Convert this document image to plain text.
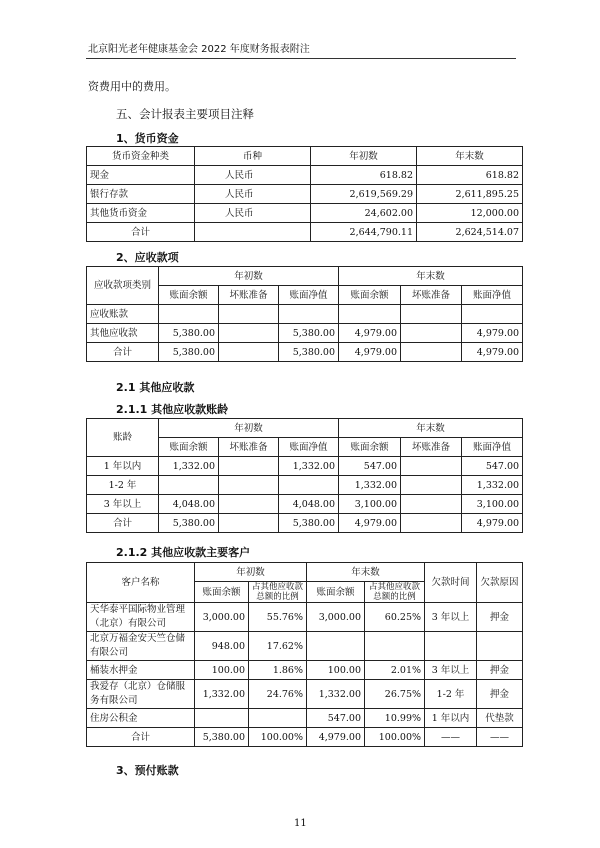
北京阳光老年健康基金会 2022 年度财务报表附注
资费用中的费用。
五、会计报表主要项目注释
1、货币资金
货币资金种类	币种	年初数	年末数
现金	人民币	618.82	618.82
银行存款	人民币	2,619,569.29	2,611,895.25
其他货币资金	人民币	24,602.00	12,000.00
合计		2,644,790.11	2,624,514.07
2、应收款项
应收款项类别	年初数			年末数		
	账面余额	坏账准备	账面净值	账面余额	坏账准备	账面净值
应收账款						
其他应收款	5,380.00		5,380.00	4,979.00		4,979.00
合计	5,380.00		5,380.00	4,979.00		4,979.00
2.1 其他应收款
2.1.1 其他应收款账龄
账龄	年初数			年末数		
	账面余额	坏账准备	账面净值	账面余额	坏账准备	账面净值
1 年以内	1,332.00		1,332.00	547.00		547.00
1-2 年				1,332.00		1,332.00
3 年以上	4,048.00		4,048.00	3,100.00		3,100.00
合计	5,380.00		5,380.00	4,979.00		4,979.00
2.1.2 其他应收款主要客户
客户名称	年初数		年末数		欠款时间	欠款原因
	账面余额	占其他应收款总额的比例	账面余额	占其他应收款总额的比例		
天华泰平国际物业管理（北京）有限公司	3,000.00	55.76%	3,000.00	60.25%	3 年以上	押金
北京万福金安天竺仓储有限公司	948.00	17.62%				
桶装水押金	100.00	1.86%	100.00	2.01%	3 年以上	押金
我爱存（北京）仓储服务有限公司	1,332.00	24.76%	1,332.00	26.75%	1-2 年	押金
住房公积金			547.00	10.99%	1 年以内	代垫款
合计	5,380.00	100.00%	4,979.00	100.00%	——	——
3、预付账款
11
